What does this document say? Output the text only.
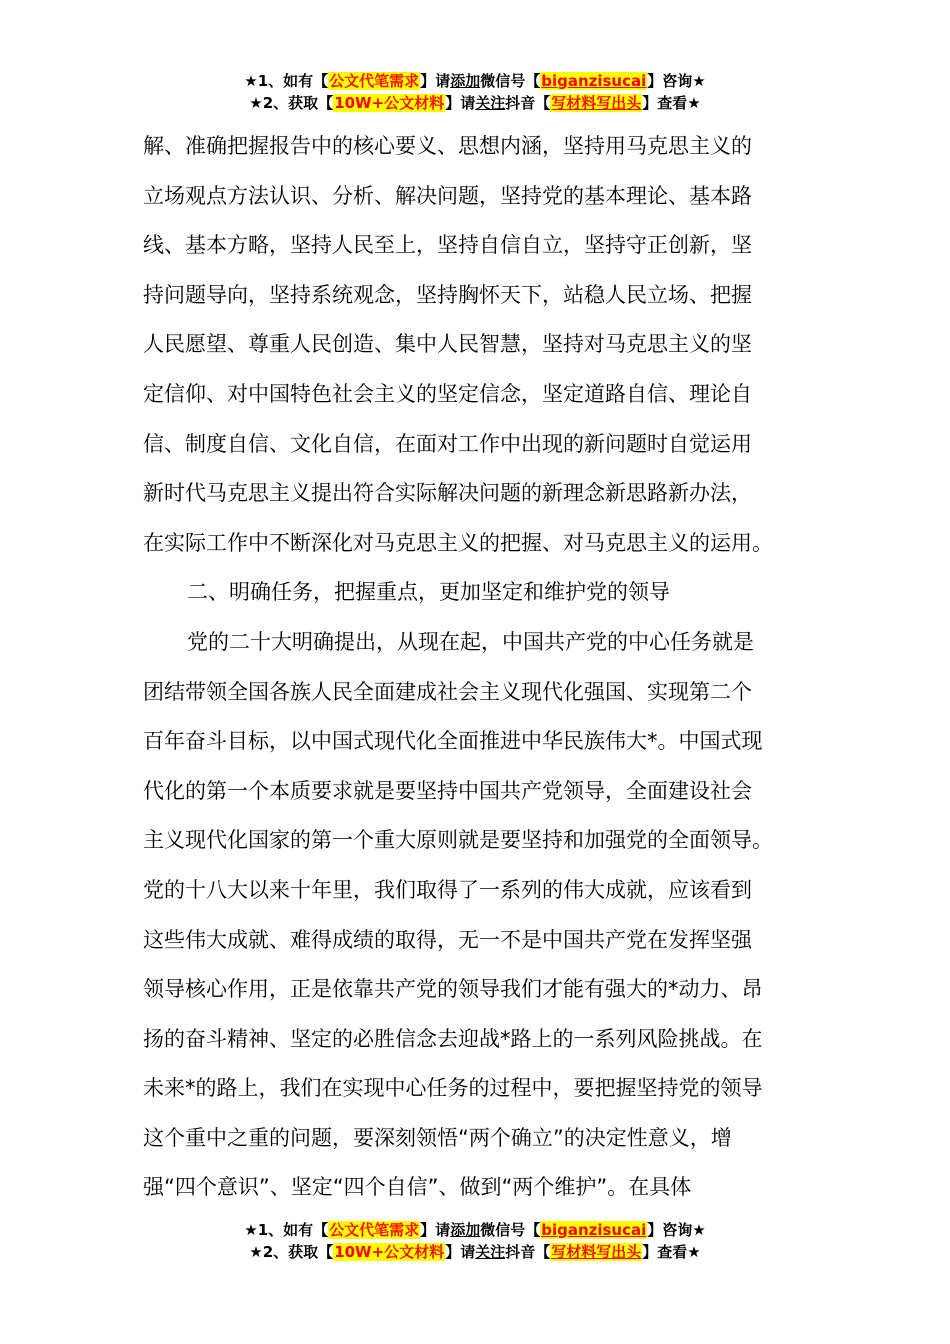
★1、如有【公文代笔需求】请添加微信号【biganzisucai】咨询★
★2、获取【10W+公文材料】请关注抖音【写材料写出头】查看★
解、准确把握报告中的核心要义、思想内涵，坚持用马克思主义的
立场观点方法认识、分析、解决问题，坚持党的基本理论、基本路
线、基本方略，坚持人民至上，坚持自信自立，坚持守正创新，坚
持问题导向，坚持系统观念，坚持胸怀天下，站稳人民立场、把握
人民愿望、尊重人民创造、集中人民智慧，坚持对马克思主义的坚
定信仰、对中国特色社会主义的坚定信念，坚定道路自信、理论自
信、制度自信、文化自信，在面对工作中出现的新问题时自觉运用
新时代马克思主义提出符合实际解决问题的新理念新思路新办法，
在实际工作中不断深化对马克思主义的把握、对马克思主义的运用。
二、明确任务，把握重点，更加坚定和维护党的领导
党的二十大明确提出，从现在起，中国共产党的中心任务就是
团结带领全国各族人民全面建成社会主义现代化强国、实现第二个
百年奋斗目标，以中国式现代化全面推进中华民族伟大*。中国式现
代化的第一个本质要求就是要坚持中国共产党领导，全面建设社会
主义现代化国家的第一个重大原则就是要坚持和加强党的全面领导。
党的十八大以来十年里，我们取得了一系列的伟大成就，应该看到
这些伟大成就、难得成绩的取得，无一不是中国共产党在发挥坚强
领导核心作用，正是依靠共产党的领导我们才能有强大的*动力、昂
扬的奋斗精神、坚定的必胜信念去迎战*路上的一系列风险挑战。在
未来*的路上，我们在实现中心任务的过程中，要把握坚持党的领导
这个重中之重的问题，要深刻领悟“两个确立”的决定性意义，增
强“四个意识”、坚定“四个自信”、做到“两个维护”。在具体
★1、如有【公文代笔需求】请添加微信号【biganzisucai】咨询★
★2、获取【10W+公文材料】请关注抖音【写材料写出头】查看★
